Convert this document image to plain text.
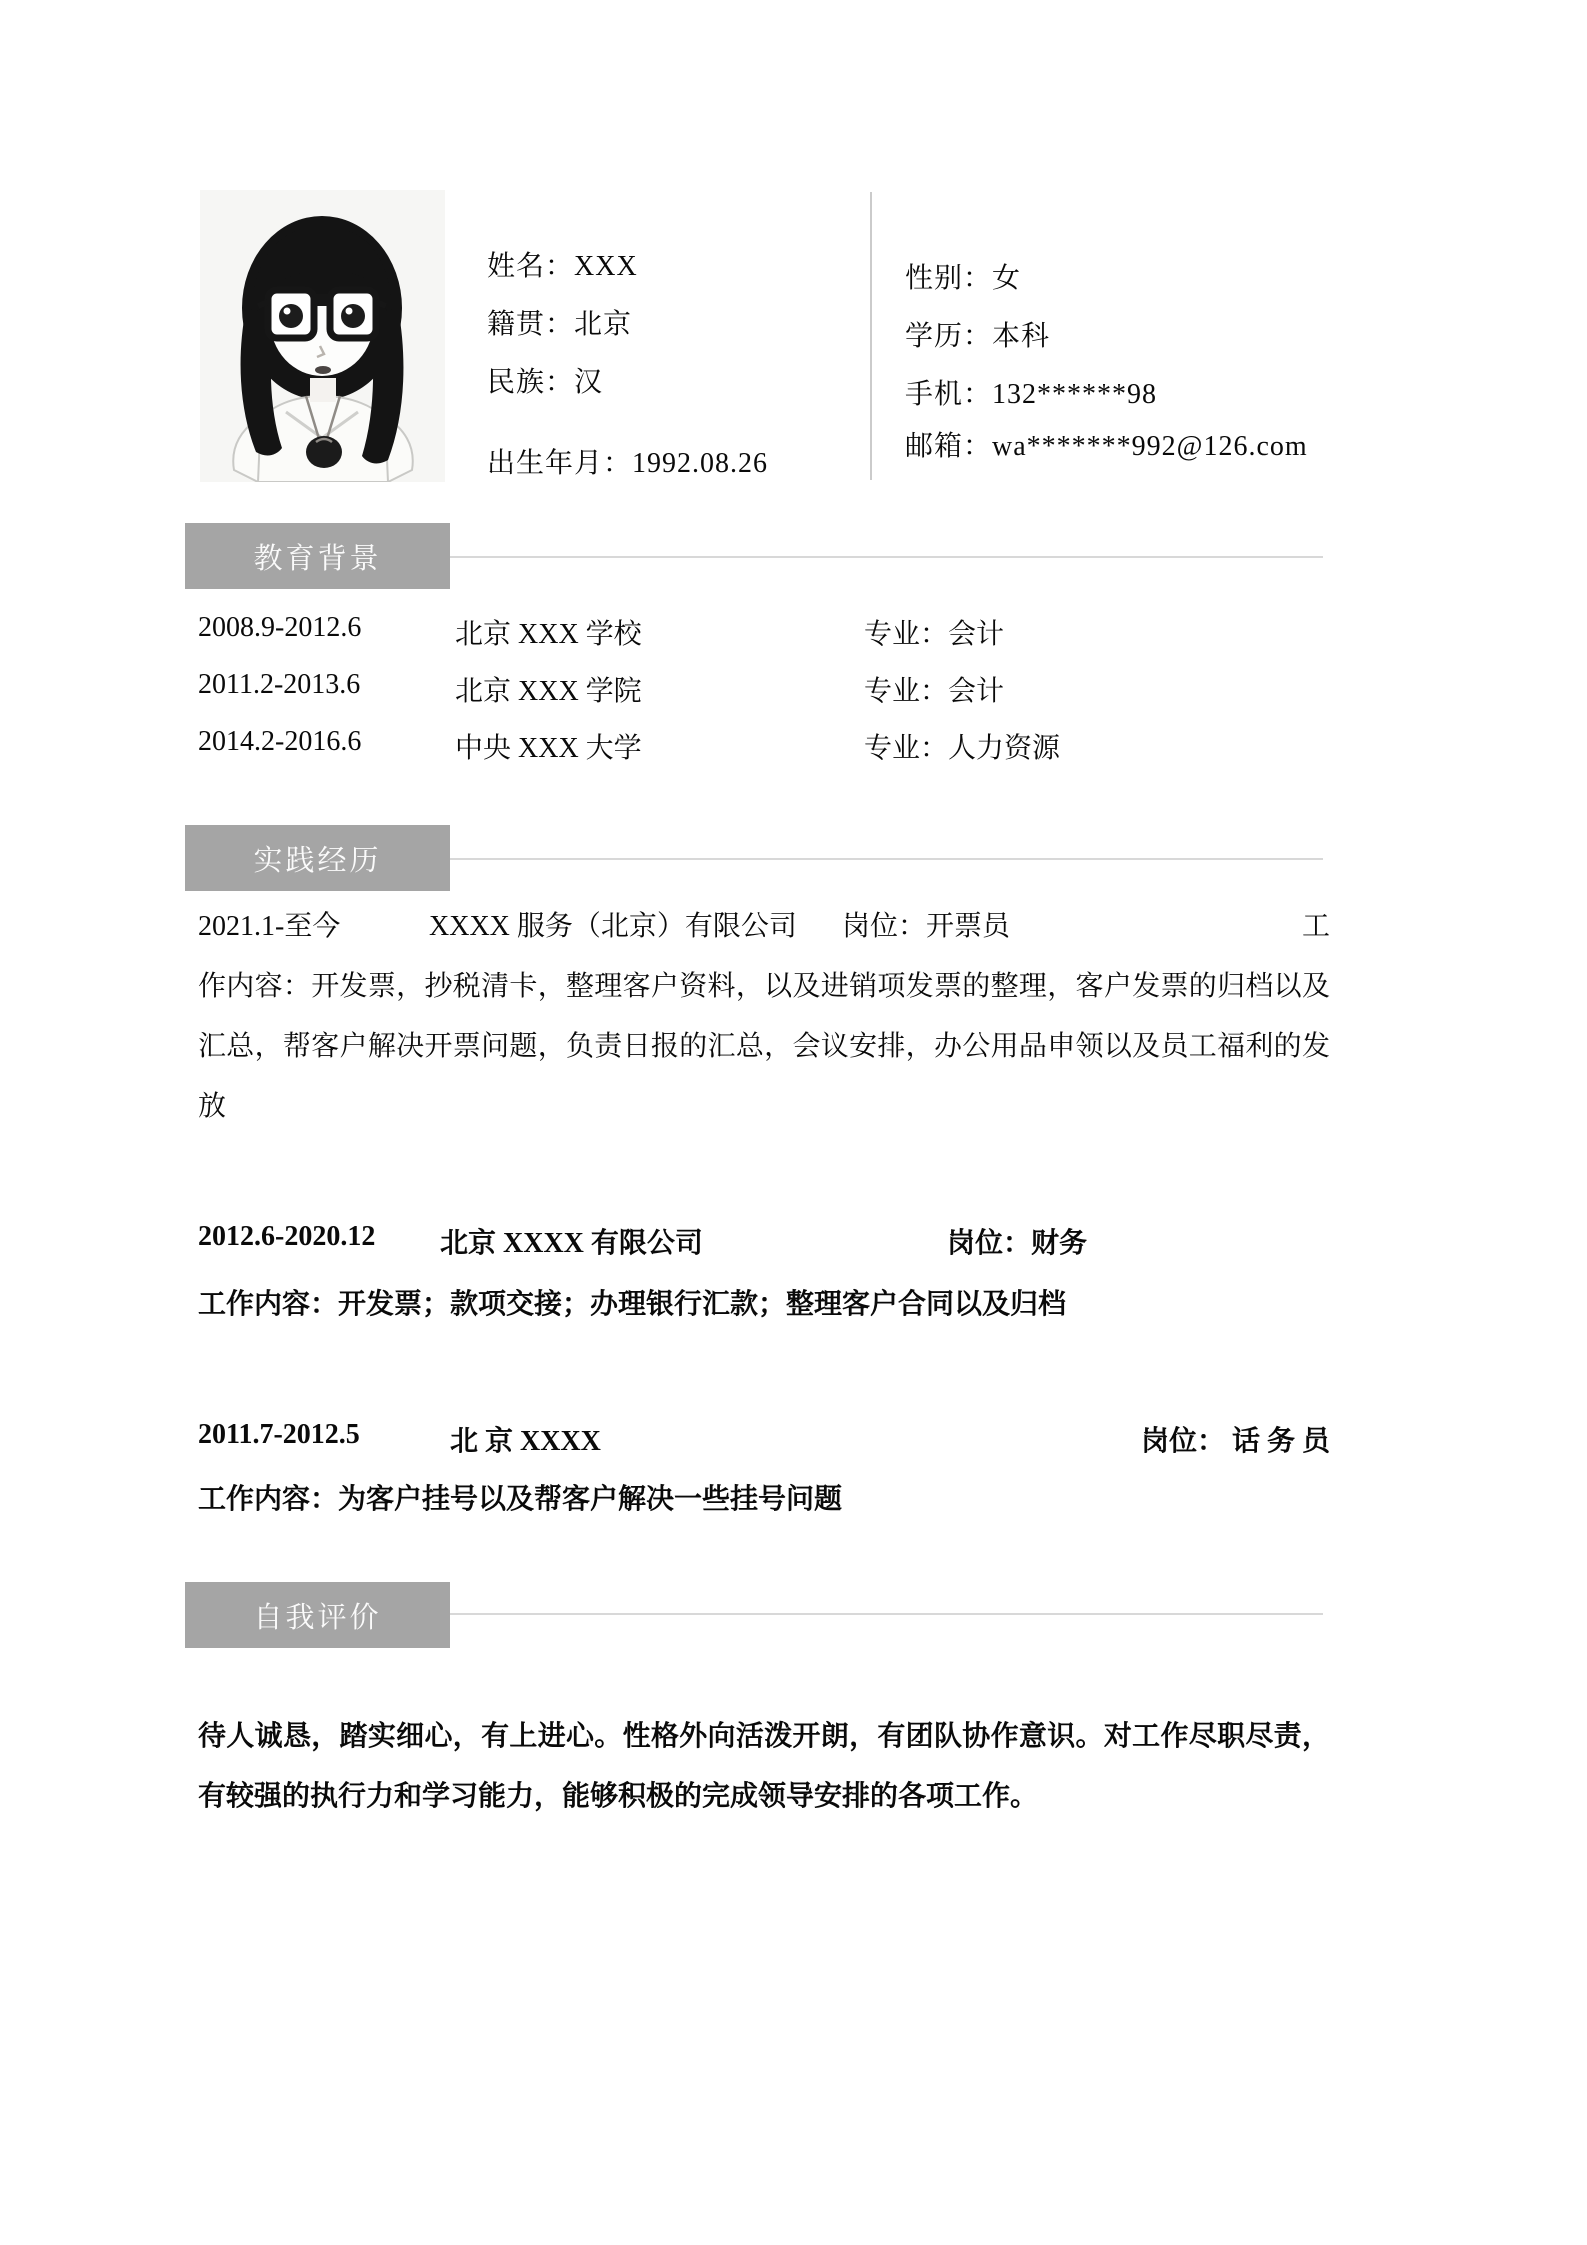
姓名：XXX
籍贯：北京
民族：汉
出生年月：1992.08.26
性别：女
学历：本科
手机：132******98
邮箱：wa*******992@126.com
教育背景
2008.9-2012.6	北京 XXX 学校	专业：会计
2011.2-2013.6	北京 XXX 学院	专业：会计
2014.2-2016.6	中央 XXX 大学	专业：人力资源
实践经历
2021.1-至今	XXXX 服务（北京）有限公司 岗位：开票员	工
作内容：开发票，抄税清卡，整理客户资料，以及进销项发票的整理，客户发票的归档以及
汇总，帮客户解决开票问题，负责日报的汇总，会议安排，办公用品申领以及员工福利的发
放
2012.6-2020.12 北京 XXXX 有限公司	岗位：财务
工作内容：开发票；款项交接；办理银行汇款；整理客户合同以及归档
2011.7-2012.5	北 京 XXXX	岗位： 话 务 员
工作内容：为客户挂号以及帮客户解决一些挂号问题
自我评价
待人诚恳，踏实细心，有上进心。性格外向活泼开朗，有团队协作意识。对工作尽职尽责，
有较强的执行力和学习能力，能够积极的完成领导安排的各项工作。
